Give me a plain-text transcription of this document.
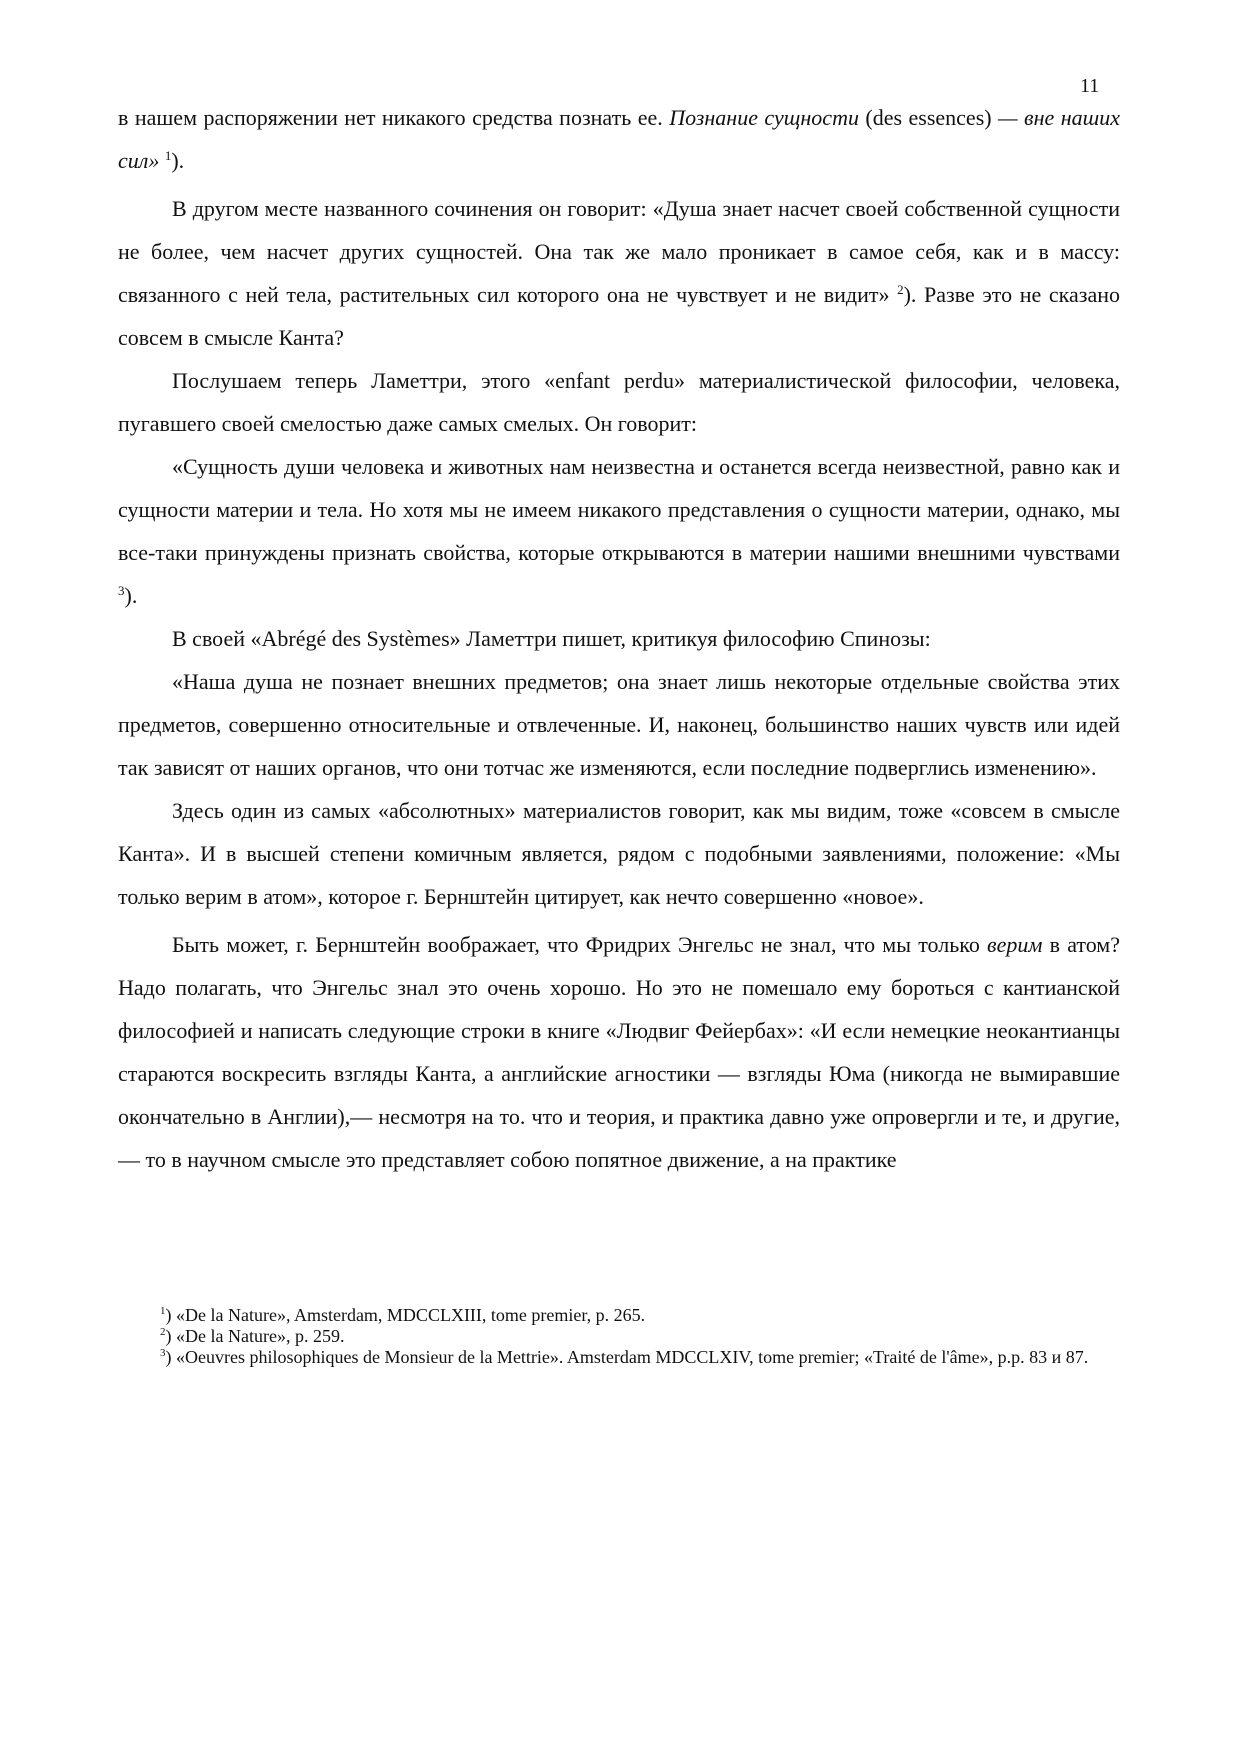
11

в нашем распоряжении нет никакого средства познать ее. Познание сущности (des essences) — вне наших сил» $^1$).

В другом месте названного сочинения он говорит: «Душа знает насчет своей собственной сущности не более, чем насчет других сущностей. Она так же мало проникает в самое себя, как и в массу: связанного с ней тела, растительных сил которого она не чувствует и не видит» $^2$). Разве это не сказано совсем в смысле Канта?

Послушаем теперь Ламеттри, этого «enfant perdu» материалистической философии, человека, пугавшего своей смелостью даже самых смелых. Он говорит:

«Сущность души человека и животных нам неизвестна и останется всегда неизвестной, равно как и сущности материи и тела. Но хотя мы не имеем никакого представления о сущности материи, однако, мы все-таки принуждены признать свойства, которые открываются в материи нашими внешними чувствами $^3$).

В своей «Abrégé des Systèmes» Ламеттри пишет, критикуя философию Спинозы:

«Наша душа не познает внешних предметов; она знает лишь некоторые отдельные свойства этих предметов, совершенно относительные и отвлеченные. И, наконец, большинство наших чувств или идей так зависят от наших органов, что они тотчас же изменяются, если последние подверглись изменению».

Здесь один из самых «абсолютных» материалистов говорит, как мы видим, тоже «совсем в смысле Канта». И в высшей степени комичным является, рядом с подобными заявлениями, положение: «Мы только верим в атом», которое г. Бернштейн цитирует, как нечто совершенно «новое».

Быть может, г. Бернштейн воображает, что Фридрих Энгельс не знал, что мы только верим в атом? Надо полагать, что Энгельс знал это очень хорошо. Но это не помешало ему бороться с кантианской философией и написать следующие строки в книге «Людвиг Фейербах»: «И если немецкие неокантианцы стараются воскресить взгляды Канта, а английские агностики — взгляды Юма (никогда не вымиравшие окончательно в Англии),— несмотря на то. что и теория, и практика давно уже опровергли и те, и другие, — то в научном смысле это представляет собою попятное движение, а на практике

$^1$) «De la Nature», Amsterdam, MDCCLXIII, tome premier, p. 265.

$^2$) «De la Nature», p. 259.

$^3$) «Oeuvres philosophiques de Monsieur de la Mettrie». Amsterdam MDCCLXIV, tome premier; «Traité de l'âme», p.p. 83 и 87.
